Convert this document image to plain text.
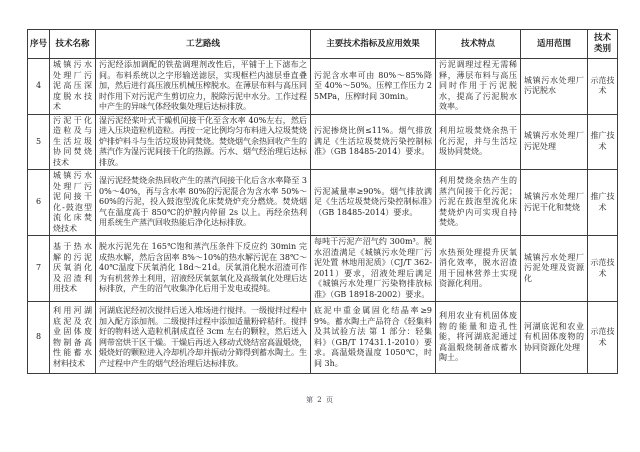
序号	技术名称	工艺路线	主要技术指标及应用效果	技术特点	适用范围	技术类别
4	城镇污水处理厂污泥高压深度脱水技术	污泥经添加调配的铁盐调理剂改性后，平铺于上下滤布之间。布料系统以之字形输送滤层，实现框栏内滤层垂直叠加，然后进行高压液压机械压榨脱水。在薄层布料与高压同时作用下对污泥产生剪切应力，脱除污泥中水分。工作过程中产生的异味气体经收集处理后达标排放。	污泥含水率可由 80%～85%降至 40%～50%。压榨工作压力 25MPa，压榨时间 30min。	污泥调理过程无需稀释，薄层布料与高压同时作用于污泥脱水，提高了污泥脱水效率。	城镇污水处理厂污泥脱水	示范技术
5	污泥干化造粒及与生活垃圾协同焚烧技术	湿污泥经桨叶式干燥机间接干化至含水率 40%左右，然后进入压块造粒机造粒。再按一定比例均匀布料进入垃圾焚烧炉排炉料斗与生活垃圾协同焚烧。焚烧烟气余热回收产生的蒸汽作为湿污泥间接干化的热源。污水、烟气经治理后达标排放。	污泥掺烧比例≤11%。烟气排放满足《生活垃圾焚烧污染控制标准》（GB 18485-2014）要求。	利用垃圾焚烧余热干化污泥，并与生活垃圾协同焚烧。	城镇污水处理厂污泥处理	推广技术
6	城镇污水处理厂污泥间接干化-鼓泡型流化床焚烧技术	湿污泥经焚烧余热回收产生的蒸汽间接干化后含水率降至 30%～40%，再与含水率 80%的污泥混合为含水率 50%～60%的污泥，投入鼓泡型流化床焚烧炉充分燃烧。焚烧烟气在温度高于 850℃的炉膛内停留 2s 以上。再经余热利用系统生产蒸汽回收热能后净化达标排放。	污泥减量率≥90%。烟气排放满足《生活垃圾焚烧污染控制标准》（GB 18485-2014）要求。	利用焚烧余热产生的蒸汽间接干化污泥；污泥在鼓泡型流化床焚烧炉内可实现自持焚烧。	城镇污水处理厂污泥干化和焚烧	推广技术
7	基于热水解的污泥厌氧消化及沼渣利用技术	脱水污泥先在 165℃饱和蒸汽压条件下反应约 30min 完成热水解，然后含固率 8%～10%的热水解污泥在 38℃～40℃温度下厌氧消化 18d～21d。厌氧消化脱水沼渣可作为有机营养土利用，沼液经厌氧氨氧化及高级氧化处理后达标排放，产生的沼气收集净化后用于发电或提纯。	每吨干污泥产沼气约 300m³。脱水沼渣满足《城镇污水处理厂污泥处置 林地用泥质》（CJ/T 362-2011）要求，沼液处理后满足《城镇污水处理厂污染物排放标准》（GB 18918-2002）要求。	水热预处理提升厌氧消化效率，脱水沼渣用于园林营养土实现资源化利用。	城镇污水处理厂污泥处理及资源化	示范技术
8	利用河湖底泥及农业固体废物制备高性能蓄水材料技术	河湖底泥经初次搅拌后送入堆场进行搅拌。一级搅拌过程中加入配方添加剂。二级搅拌过程中添加适量粉碎秸秆。搅拌好的物料送入造粒机制成直径 3cm 左右的颗粒，然后送入网带窑烘干区干燥。干燥后再送入移动式烧结窑高温煅烧，煅烧好的颗粒进入冷却机冷却并振动分筛得到蓄水陶土。生产过程中产生的烟气经治理后达标排放。	底泥中重金属固化结晶率≥99%。蓄水陶土产品符合《轻集料及其试验方法 第 1 部分：轻集料》（GB/T 17431.1-2010）要求。高温煅烧温度 1050℃，时间 3h。	利用农业有机固体废物的能量和造孔性能，将河湖底泥通过高温煅烧制备成蓄水陶土。	河湖底泥和农业有机固体废物的协同资源化处理	示范技术
第 2 页
